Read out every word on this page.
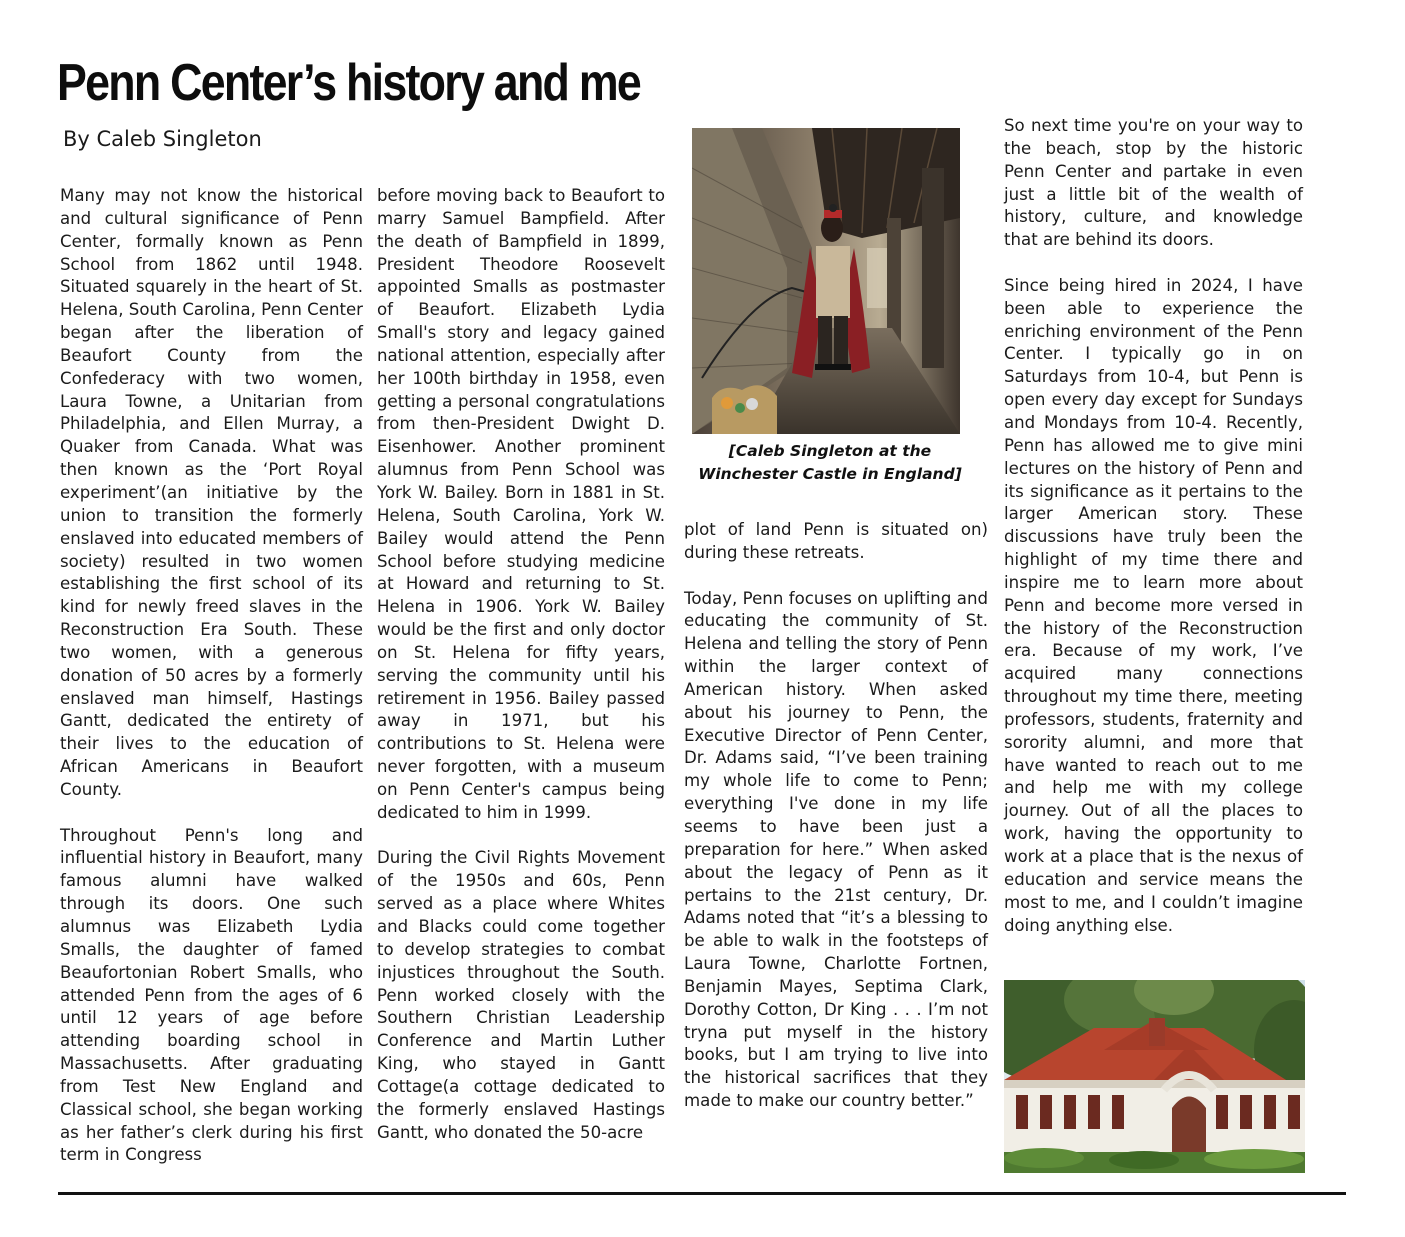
Penn Center’s history and me
By Caleb Singleton

Many may not know the historical and cultural significance of Penn Center, formally known as Penn School from 1862 until 1948. Situated squarely in the heart of St. Helena, South Carolina, Penn Center began after the liberation of Beaufort County from the Confederacy with two women, Laura Towne, a Unitarian from Philadelphia, and Ellen Murray, a Quaker from Canada. What was then known as the ‘Port Royal experiment’(an initiative by the union to transition the formerly enslaved into educated members of society) resulted in two women establishing the first school of its kind for newly freed slaves in the Reconstruction Era South. These two women, with a generous donation of 50 acres by a formerly enslaved man himself, Hastings Gantt, dedicated the entirety of their lives to the education of African Americans in Beaufort County.

Throughout Penn's long and influential history in Beaufort, many famous alumni have walked through its doors. One such alumnus was Elizabeth Lydia Smalls, the daughter of famed Beaufortonian Robert Smalls, who attended Penn from the ages of 6 until 12 years of age before attending boarding school in Massachusetts. After graduating from Test New England and Classical school, she began working as her father’s clerk during his first term in Congress

before moving back to Beaufort to marry Samuel Bampfield. After the death of Bampfield in 1899, President Theodore Roosevelt appointed Smalls as postmaster of Beaufort. Elizabeth Lydia Small's story and legacy gained national attention, especially after her 100th birthday in 1958, even getting a personal congratulations from then-President Dwight D. Eisenhower. Another prominent alumnus from Penn School was York W. Bailey. Born in 1881 in St. Helena, South Carolina, York W. Bailey would attend the Penn School before studying medicine at Howard and returning to St. Helena in 1906. York W. Bailey would be the first and only doctor on St. Helena for fifty years, serving the community until his retirement in 1956. Bailey passed away in 1971, but his contributions to St. Helena were never forgotten, with a museum on Penn Center's campus being dedicated to him in 1999.

During the Civil Rights Movement of the 1950s and 60s, Penn served as a place where Whites and Blacks could come together to develop strategies to combat injustices throughout the South. Penn worked closely with the Southern Christian Leadership Conference and Martin Luther King, who stayed in Gantt Cottage(a cottage dedicated to the formerly enslaved Hastings Gantt, who donated the 50-acre

[Caleb Singleton at the Winchester Castle in England]

plot of land Penn is situated on) during these retreats.

Today, Penn focuses on uplifting and educating the community of St. Helena and telling the story of Penn within the larger context of American history. When asked about his journey to Penn, the Executive Director of Penn Center, Dr. Adams said, “I’ve been training my whole life to come to Penn; everything I've done in my life seems to have been just a preparation for here.” When asked about the legacy of Penn as it pertains to the 21st century, Dr. Adams noted that “it’s a blessing to be able to walk in the footsteps of Laura Towne, Charlotte Fortnen, Benjamin Mayes, Septima Clark, Dorothy Cotton, Dr King . . . I’m not tryna put myself in the history books, but I am trying to live into the historical sacrifices that they made to make our country better.”

So next time you're on your way to the beach, stop by the historic Penn Center and partake in even just a little bit of the wealth of history, culture, and knowledge that are behind its doors.

Since being hired in 2024, I have been able to experience the enriching environment of the Penn Center. I typically go in on Saturdays from 10-4, but Penn is open every day except for Sundays and Mondays from 10-4. Recently, Penn has allowed me to give mini lectures on the history of Penn and its significance as it pertains to the larger American story. These discussions have truly been the highlight of my time there and inspire me to learn more about Penn and become more versed in the history of the Reconstruction era. Because of my work, I’ve acquired many connections throughout my time there, meeting professors, students, fraternity and sorority alumni, and more that have wanted to reach out to me and help me with my college journey. Out of all the places to work, having the opportunity to work at a place that is the nexus of education and service means the most to me, and I couldn’t imagine doing anything else.
